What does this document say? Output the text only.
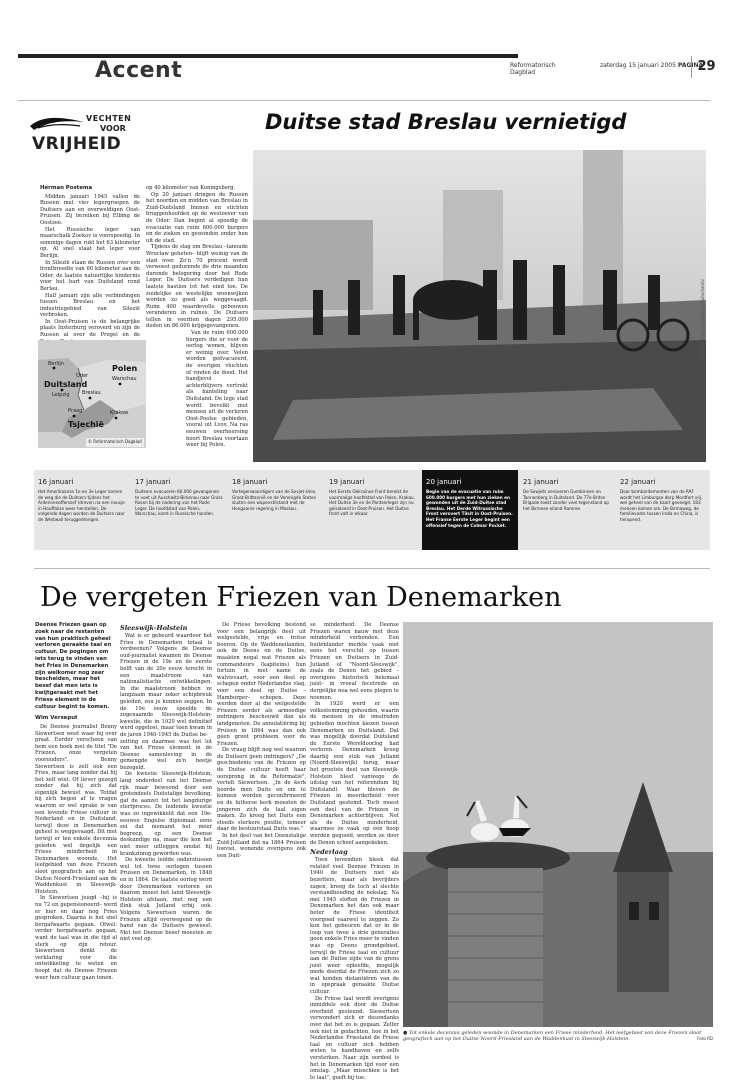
Accent	Reformatorisch Dagblad
zaterdag 15 januari 2005 PAGINA
29
VECHTEN
VOOR
VRIJHEID
Duitse stad Breslau vernietigd
Herman Postema

Midden januari 1945 vallen de Russen met vier legergroepen de Duitsers aan en overweldigen Oost-Pruisen. Zij bereiken bij Elbing de Oostzee.

Het Russische leger van maarschalk Zoekov is voorspoedig. In sommige dagen rukt het 63 kilometer op. Al snel staat het leger voor Berlijn.

In Silezië staan de Russen over een frontbreedte van 60 kilometer aan de Oder, de laatste natuurlijke hindernis voor het hart van Duitsland rond Berlau.

Half januari zijn alle verbindingen tussen Breslau en het industriegebied van Silezië verbroken.

In Oost-Pruisen is de belangrijke plaats Insterburg veroverd en zijn de Russen al over de Pregel en de

op 40 kilometer van Koningsberg.

Op 20 januari dringen de Russen het noorden en midden van Breslau in Zuid-Duitsland binnen en stichten bruggenhoofden op de westoever van de Oder. Dan begint al spoedig de evacuatie van ruim 600.000 burgers en de zieken en gewonden onder hen uit de stad.

Tijdens de slag om Breslau –tanoude Wroclaw geheten– blijft weinig van de stad over. Zo'n 70 procent wordt verwoest gedurende de drie maanden durende belegering door het Rode Leger. De Duitsers verdedigen hun laatste bastion tot het eind toe. De zuidelijke en westelijke woonwijken worden zo goed als weggevaagd. Ruim 400 waardevolle gebouwen veranderen in ruïnes. De Duitsers tellen in veertien dagen 295.000 doden en 86.000 krijgsgevangenen.

Van de ruim 600.000 burgers die er voor de oorlog wonen, blijven er weinig over. Velen worden geëvacueerd, de overigen vluchten of vinden de dood. Het handjevol achterblijvers vertrekt als hanteling naar Duitsland. De lege stad wordt bevolkt met mensen uit de verloren Oost-Poolse gebieden, vooral uit Lvov. Na ras eeuwen overheersing hoort Breslau voortaan weer bij Polen.

Berlijn
Oder
Polen
Warschau
Duitsland
Leipzig Breslau
Praag	Krakow
Tsjechië
© Reformatorisch Dagblad
Foto Bildarchiv Preussischer Kulturbesitz
16 januari
Het Amerikaanse 1e en 3e Leger komen de weg die de Duitsers tijdens het Ardennenoffensief (dreven na een neusje in Houffalize weer herstellen. De volgende dagen worden de Duitsers naar de Westwall teruggedrongen.
17 januari
Duitsers evacueren 60.000 gevangenen te voet uit Auschwitz-Birkenau naar Gross Rosen bij de nadering van het Rode Leger. De hoofdstad van Polen, Warschau, komt in Russische handen.
18 januari
Vertegenwoordigers van de Sovjet-Unie, Groot-Brittannië en de Verenigde Staten sluiten een wapenstilstand met de Hongaarse regering in Moskou.
19 januari
Het Eerste Oekraïnse Front bereikt de voormalige hoofdstad van Polen, Krakau. Het Duitse 3e en 4e Pantserleger zijn nu geïsoleerd in Oost-Pruisen. Het Duitse front valt in elkaar.
20 januari
Begin van de evacuatie van ruim 600.000 burgers met hun zieken en gewonden uit de Zuid-Duitse stad Breslau. Het Derde Witrussische Front verovert Tilsit in Oost-Pruisen. Het Franse Eerste Leger begint een offensief tegen de Colmar Pocket.
21 januari
De Sowjets veroveren Gumbinnen en Tannenberg in Duitsland. De 77e Britse Brigade toekt zonder veel tegenstand op het Birmese eiland Ramree.
22 januari
Door bombardementen van de RAF wordt het Limburgse dorp Mordfort vrij, wel geheel van de kaart geveegd. 183 mensen komen om. De Birmaweg, de familievaste tussen India en China, is heropend.
De vergeten Friezen van Denemarken
Deense Friezen gaan op zoek naar de restanten van hun praktisch geheel verloren geraakte taal en cultuur. De pogingen om iets terug te vinden van het Fries in Denemarken zijn welkomer nog zeer bescheiden, maar het besef dat men iets is kwijtgeraakt met het Friese element in de cultuur begint te komen.
Wim Verseput

De Deense journalist Benny Siewertsen weet waar hij over praat. Eerder verscheen van hem een boek met de titel "De Friezen, onze vergeten voorouders". Benny Siewertsen is zelf ook een Fries, maar lang zonder dat hij het zelf wist. Of liever gezegd zonder dat hij zich dat eigenlijk bewust was. Totdat hij zich begon af te vragen waarom er wel sprake is van een levende Friese cultuur in Nederland en in Duitsland, terwijl deze in Denemarken geheel is weggevaagd. Dit met terwijl er ten enkele decennia geleden wel degelijk een Friese minderheid in Denemarken woonde. Het leefgebied van deze Friezen sloot geografisch aan op het Duitse Noord-Friesland aan de Waddenkust in Sleeswijk-Holstein.

In Siewertsen jeugd –hij is nu 72 en gepensioneerd– werd er hier en daar nog Fries gesproken. Daarna is het snel bergafwaarts gegaan. Ofwel: verder bergafwaarts gegaan, want de taal was in die tijd al sterk op zijn retour. Siewertsen denkt de verklaring voor die ontwikkeling te weten en hoopt dat de Deense Friezen weer hun cultuur gaan tonen.

Sleeswijk-Holstein

Wat is er gebeurd waardoor het Fries in Denemarken totaal is verdwenen? Volgens de Deense oud-journalist kwamen de Deense Friezen in de 19e en de eerste helft van de 20e eeuw terecht in een maalstroom van nationalistische ontwikkelingen. In die maalstroom hebben ze langzaam maar zeker schipbreuk geleden, zou je kunnen zeggen. In de 19e eeuw speelde de zogenaamde Sleeswijk-Holstein-kwestie, die in 1920 wel definitief werd opgelost, maar toen kwam in de jaren 1940-1945 de Duitse be-

zetting en daarmee was het lot van het Friese element in de Deense samenleving in de gemengde wel zo'n beetje bezegeld.

De kwestie Sleeswijk-Holstein, lang onderdeel van het Deense rijk maar bewoond door een grotendeels Duitstalige bevolking, gaf de aanzet tot het langdurige sterfproces. De leidende kwestie was zo ingewikkeld dat een 19e-eeuwse Engelse diplomaat eens zei dat niemand het meer begreep, op een Deense deskundige na, maar die kon het niet meer uitleggen omdat hij krankzinnig geworden was.

De kwestie leidde onderstussen wel tot twee oorlogen tussen Pruisen en Denemarken, in 1848 en in 1864. De laatste oorlog werd door Denemarken verloren en daarom moest het land Sleeswijk-Holstein afstaan, met nog een flink stuk Jutland erbij ook. Volgens Siewertsen waren de Friezen altijd overwegend op de hand van de Duitsers geweest. Met het Deense besef moesten ze niet veel op.

De Friese bevolking bestond voor een belangrijk deel uit welgestelde, vrije en trotse boeren. Op de Waddeneilanden, ook de Deens en de Duitse, maakten nogal wat Friezen als commandeurs (kapiteins) hun fortuin in met name de walvisvaart, voor een deel op schepen onder Nederlandse vlag, voor een deel op Duitse –Hamburger– schepen. Deze werden door al die welgestelde Friezen eerder als armoedige indringers beschouwd dan als landgenoten. De annulatiëring bij Pruisen in 1864 was dan ook geen groot probleem voor de Friezen.

De vraag blijft nog wel waarom de Duitsers geen indringers? „De geschiedenis van de Friezen op de Duitse cultuur heeft haar oorsprong in de Reformatie", vertelt Siewertsen. „In de kerk hoorde men Duits en om te kunnen worden geconfirmeerd en de lutherse kerk moesten de jongeren zich de taal eigen maken. Zo kreeg het Duits een steeds sterkere positie, temeer daar de bestuurstaal Duits was."

In het deel van het Deenstalige Zuid-Jutland dat na 1864 Pruisen toeviel, wonende overigens ook een Duit-

se minderheid. De Deense Friezen waren nauw met deze minderheid verbonden. Een buitenlander merkte vaak niet eens het verschil op tussen Friezen en Duitsers in Zuid-Jutland of "Noord-Sleeswijk", zoals de Denen het gebied –overigens historisch helemaal juist– in vroeal fecetrede en dergelijke noa wel eens plegen te noemen.

In 1920 werd er een volksstemming gehouden, waarin de mensen in de omstreden gebieden mochten kiezen tussen Denemarken en Duitsland. Dat was mogelijk doordat Duitsland de Eerste Wereldoorlog had verloren. Denemarken kreeg daarbij een stuk van Jutland (Noord-Sleeswijk) terug, maar het grootste deel van Sleeswijk-Holstein bleef vanwege de uitslag van het referendum bij Duitsland). Waar bleven de Friezen in meerderheid voor Duitsland gestemd. Toch moest een deel van de Friezen in Denemarken achterblijven. Net als de Duitse minderheid, waarmee ze vaak op één hoop werden gegooid, werden ze door de Denen scheef aangekeken.

Nederlaag

Toen bovendien bleek dat relatief veel Deense Friezen in 1940 de Duitsers niet als bezetters, maar als bevrijders zagen, kreeg de toch al slechte verstandhouding de nekslag. Na mei 1945 sloften de Friezen in Denemarken het dan ook maar beter de Friese identiteit voorgoed vaarwel te zeggen. Zo kon het gebeuren dat er in de loop van twee à drie generaties geen enkele Fries meer te vinden was op Deens grondgebied, terwijl de Friese taal en cultuur aan de Duitse zijde van de grens juist weer opleefde, mogelijk mede doordat de Friezen zich zo wat konden distantiëren van de in opspraak geraakte Duitse cultuur.

De Friese taal wordt overigens inmiddels ook door de Duitse overheid gesteund. Siewertsen verwondert zich er desondanks over dat het zo is gegaan. Zelfer ook niet in gedachten, hoe in het Nederlandse Friesland de Friese taal en cultuur zich hebben weten te handhaven en zelfs versterken. Naar zijn oordeel is het in Denemarken tijd voor een omslag. „Maar misschien is het te laat", geeft hij toe.

● Tot enkele decennia geleden woonde in Denemarken een Friese minderheid. Het leefgebied van deze Friezen sloot geografisch aan op het Duitse Noord-Friesland aan de Waddenkust in Sleeswijk-Holstein.	Foto RD
